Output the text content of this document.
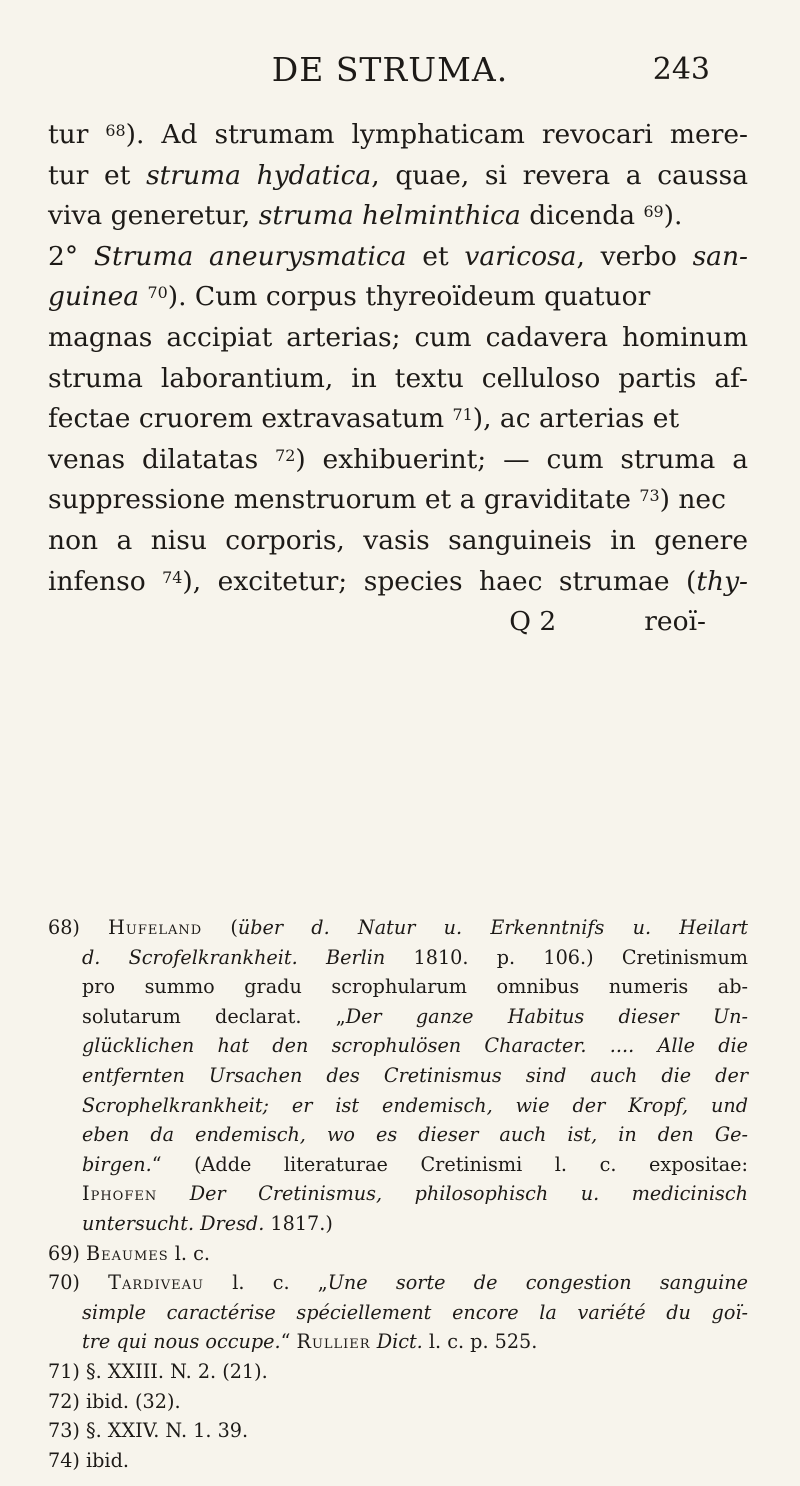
DE STRUMA.	243
tur $^{68}$). Ad strumam lymphaticam revocari mere-
tur et struma hydatica, quae, si revera a caussa
viva generetur, struma helminthica dicenda $^{69}$).
2° Struma aneurysmatica et varicosa, verbo san-
guinea $^{70}$). Cum corpus thyreoïdeum quatuor
magnas accipiat arterias; cum cadavera hominum
struma laborantium, in textu celluloso partis af-
fectae cruorem extravasatum $^{71}$), ac arterias et
venas dilatatas $^{72}$) exhibuerint; — cum struma a
suppressione menstruorum et a graviditate $^{73}$) nec
non a nisu corporis, vasis sanguineis in genere
infenso $^{74}$), excitetur; species haec strumae (thy-
Q 2	reoï-
68) Hufeland (über d. Natur u. Erkenntnifs u. Heilart
d. Scrofelkrankheit. Berlin 1810. p. 106.) Cretinismum
pro summo gradu scrophularum omnibus numeris ab-
solutarum declarat. „Der ganze Habitus dieser Un-
glücklichen hat den scrophulösen Character. .... Alle die
entfernten Ursachen des Cretinismus sind auch die der
Scrophelkrankheit; er ist endemisch, wie der Kropf, und
eben da endemisch, wo es dieser auch ist, in den Ge-
birgen.“ (Adde literaturae Cretinismi l. c. expositae:
Iphofen Der Cretinismus, philosophisch u. medicinisch
untersucht. Dresd. 1817.)
69) Beaumes l. c.
70) Tardiveau l. c. „Une sorte de congestion sanguine
simple caractérise spéciellement encore la variété du goï-
tre qui nous occupe.“ Rullier Dict. l. c. p. 525.
71) §. XXIII. N. 2. (21).
72) ibid. (32).
73) §. XXIV. N. 1. 39.
74) ibid.
